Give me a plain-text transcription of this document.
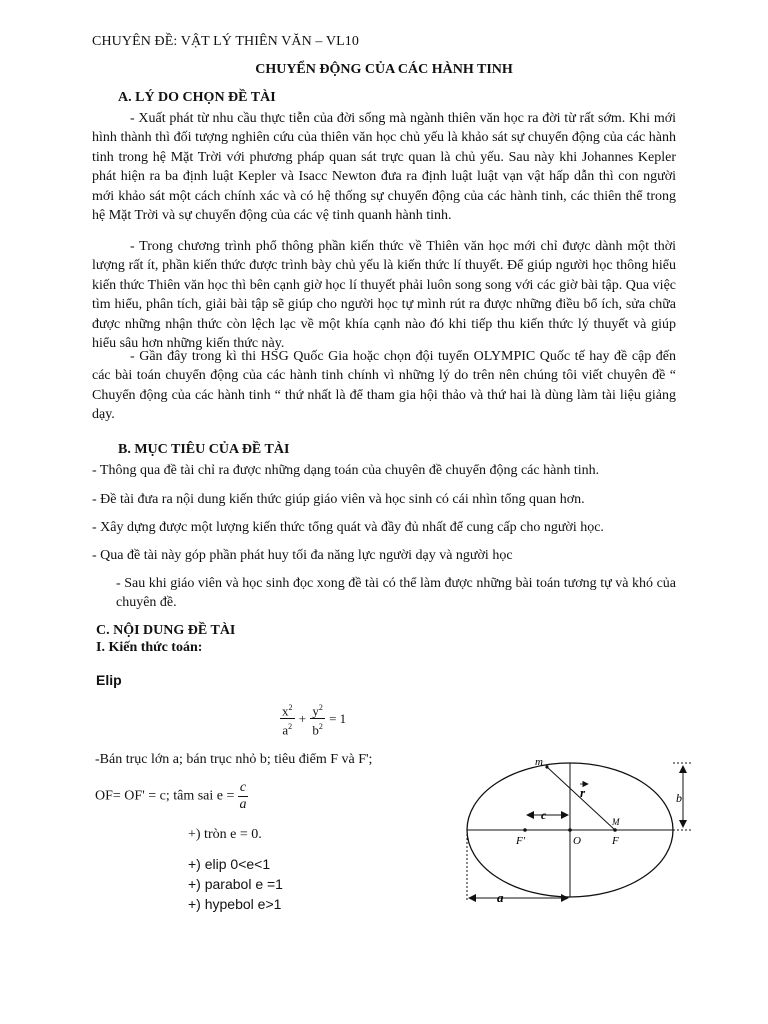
CHUYÊN ĐỀ: VẬT LÝ THIÊN VĂN – VL10
CHUYỂN ĐỘNG CỦA CÁC HÀNH TINH
A. LÝ DO CHỌN ĐỀ TÀI

- Xuất phát từ nhu cầu thực tiễn của đời sống mà ngành thiên văn học ra đời từ rất sớm. Khi mới hình thành thì đối tượng nghiên cứu của thiên văn học chủ yếu là khảo sát sự chuyển động của các hành tinh trong hệ Mặt Trời với phương pháp quan sát trực quan là chủ yếu. Sau này khi Johannes Kepler phát hiện ra ba định luật Kepler và Isacc Newton đưa ra định luật luật vạn vật hấp dẫn thì con người mới khảo sát một cách chính xác và có hệ thống sự chuyển động của các hành tinh, các thiên thể trong hệ Mặt Trời và sự chuyển động của các vệ tinh quanh hành tinh.

- Trong chương trình phổ thông phần kiến thức về Thiên văn học mới chỉ được dành một thời lượng rất ít, phần kiến thức được trình bày chủ yếu là kiến thức lí thuyết. Để giúp người học thông hiểu kiến thức Thiên văn học thì bên cạnh giờ học lí thuyết phải luôn song song với các giờ bài tập. Qua việc tìm hiểu, phân tích, giải bài tập sẽ giúp cho người học tự mình rút ra được những điều bổ ích, sửa chữa được những nhận thức còn lệch lạc về một khía cạnh nào đó khi tiếp thu kiến thức lý thuyết và giúp hiểu sâu hơn những kiến thức này.

- Gần đây trong kì thi HSG Quốc Gia hoặc chọn đội tuyển OLYMPIC Quốc tế hay đề cập đến các bài toán chuyển động của các hành tinh chính vì những lý do trên nên chúng tôi viết chuyên đề “ Chuyển động của các hành tinh “ thứ nhất là để tham gia hội thảo và thứ hai là dùng làm tài liệu giảng dạy.

B. MỤC TIÊU CỦA ĐỀ TÀI
- Thông qua đề tài chỉ ra được những dạng toán của chuyên đề chuyển động các hành tinh.
- Đề tài đưa ra nội dung kiến thức giúp giáo viên và học sinh có cái nhìn tổng quan hơn.
- Xây dựng được một lượng kiến thức tổng quát và đầy đủ nhất để cung cấp cho người học.
- Qua đề tài này góp phần phát huy tối đa năng lực người dạy và người học
- Sau khi giáo viên và học sinh đọc xong đề tài có thể làm được những bài toán tương tự và khó của chuyên đề.
C. NỘI DUNG ĐỀ TÀI
I. Kiến thức toán:
Elip
$\frac{x^2}{a^2} + \frac{y^2}{b^2} = 1$
-Bán trục lớn a; bán trục nhỏ b; tiêu điểm F và F';
OF= OF' = c; tâm sai $e = \frac{c}{a}$
+) tròn e = 0.
+) elip 0<e<1
+) parabol e =1
+) hypebol e>1
b
c
m
r
M
F'	O	F
a
